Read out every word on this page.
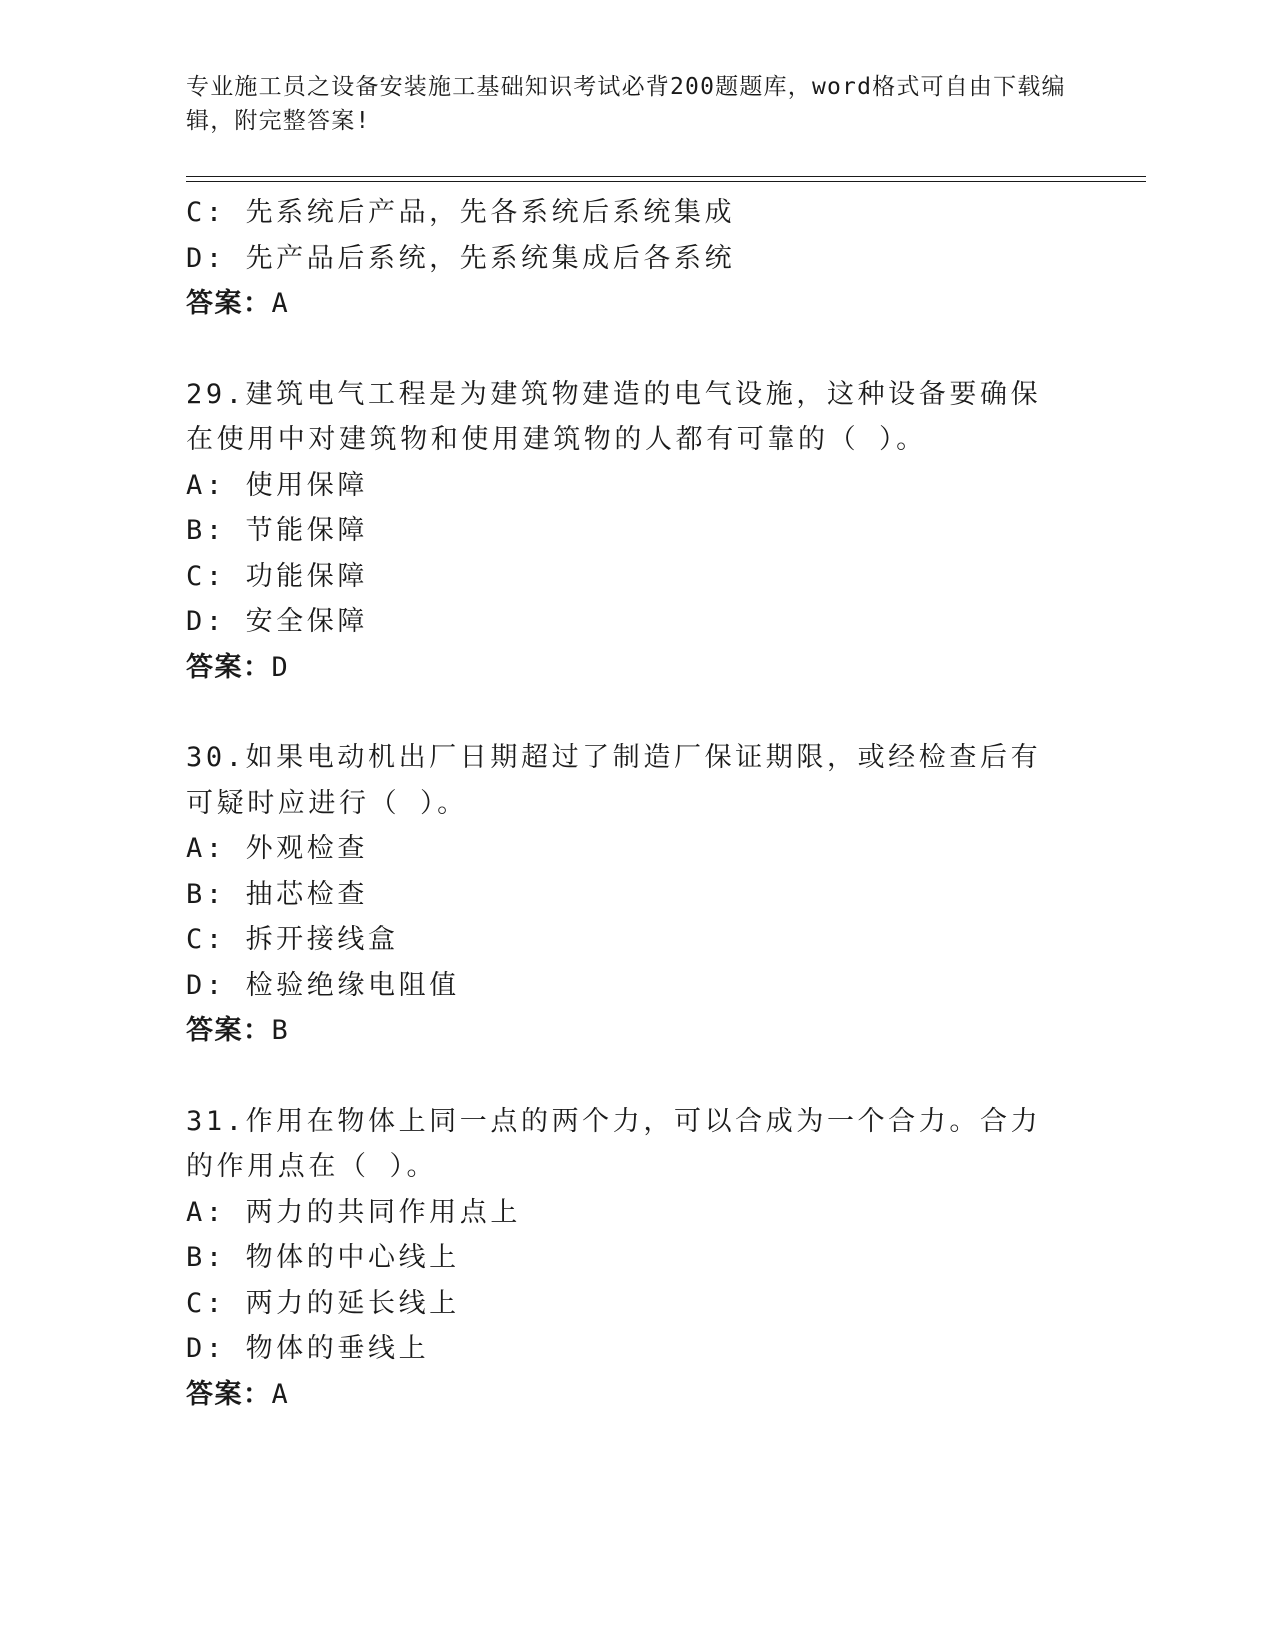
专业施工员之设备安装施工基础知识考试必背200题题库，word格式可自由下载编辑，附完整答案!
C: 先系统后产品，先各系统后系统集成
D: 先产品后系统，先系统集成后各系统
答案：A
29.建筑电气工程是为建筑物建造的电气设施，这种设备要确保在使用中对建筑物和使用建筑物的人都有可靠的（ ）。
A: 使用保障
B: 节能保障
C: 功能保障
D: 安全保障
答案：D
30.如果电动机出厂日期超过了制造厂保证期限，或经检查后有可疑时应进行（ ）。
A: 外观检查
B: 抽芯检查
C: 拆开接线盒
D: 检验绝缘电阻值
答案：B
31.作用在物体上同一点的两个力，可以合成为一个合力。合力的作用点在（ ）。
A: 两力的共同作用点上
B: 物体的中心线上
C: 两力的延长线上
D: 物体的垂线上
答案：A
